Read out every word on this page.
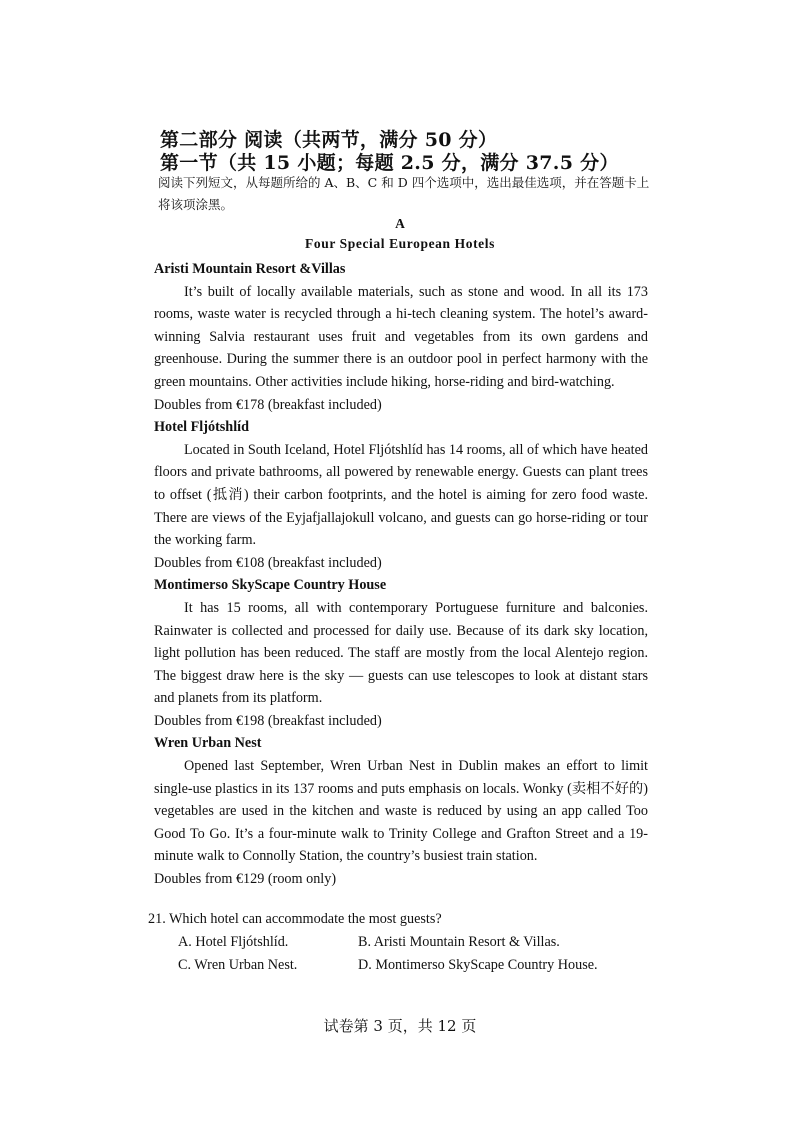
第二部分 阅读（共两节，满分 50 分）
第一节（共 15 小题；每题 2.5 分，满分 37.5 分）
阅读下列短文，从每题所给的 A、B、C 和 D 四个选项中，选出最佳选项，并在答题卡上将该项涂黑。
A
Four Special European Hotels

Aristi Mountain Resort &Villas

It’s built of locally available materials, such as stone and wood. In all its 173 rooms, waste water is recycled through a hi-tech cleaning system. The hotel’s award-winning Salvia restaurant uses fruit and vegetables from its own gardens and greenhouse. During the summer there is an outdoor pool in perfect harmony with the green mountains. Other activities include hiking, horse-riding and bird-watching.

Doubles from €178 (breakfast included)

Hotel Fljótshlíd

Located in South Iceland, Hotel Fljótshlíd has 14 rooms, all of which have heated floors and private bathrooms, all powered by renewable energy. Guests can plant trees to offset (抵消) their carbon footprints, and the hotel is aiming for zero food waste. There are views of the Eyjafjallajokull volcano, and guests can go horse-riding or tour the working farm.

Doubles from €108 (breakfast included)

Montimerso SkyScape Country House

It has 15 rooms, all with contemporary Portuguese furniture and balconies. Rainwater is collected and processed for daily use. Because of its dark sky location, light pollution has been reduced. The staff are mostly from the local Alentejo region. The biggest draw here is the sky — guests can use telescopes to look at distant stars and planets from its platform.

Doubles from €198 (breakfast included)

Wren Urban Nest

Opened last September, Wren Urban Nest in Dublin makes an effort to limit single-use plastics in its 137 rooms and puts emphasis on locals. Wonky (卖相不好的) vegetables are used in the kitchen and waste is reduced by using an app called Too Good To Go. It’s a four-minute walk to Trinity College and Grafton Street and a 19-minute walk to Connolly Station, the country’s busiest train station.

Doubles from €129 (room only)

21. Which hotel can accommodate the most guests?

A. Hotel Fljótshlíd.	B. Aristi Mountain Resort & Villas.
C. Wren Urban Nest.	D. Montimerso SkyScape Country House.
试卷第 3 页，共 12 页
